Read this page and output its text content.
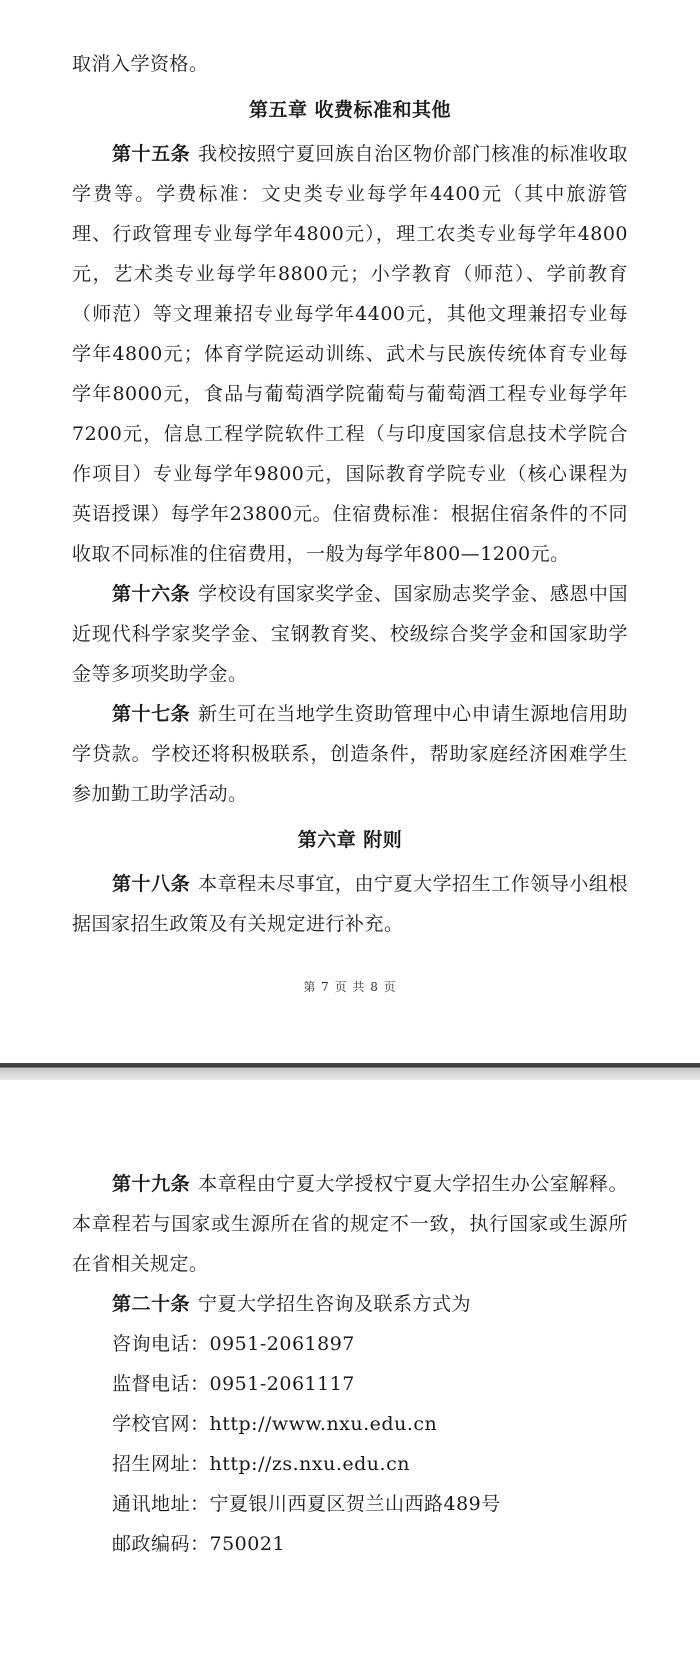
取消入学资格。

第五章 收费标准和其他

第十五条 我校按照宁夏回族自治区物价部门核准的标准收取学费等。学费标准：文史类专业每学年4400元（其中旅游管理、行政管理专业每学年4800元），理工农类专业每学年4800元，艺术类专业每学年8800元；小学教育（师范）、学前教育（师范）等文理兼招专业每学年4400元，其他文理兼招专业每学年4800元；体育学院运动训练、武术与民族传统体育专业每学年8000元，食品与葡萄酒学院葡萄与葡萄酒工程专业每学年7200元，信息工程学院软件工程（与印度国家信息技术学院合作项目）专业每学年9800元，国际教育学院专业（核心课程为英语授课）每学年23800元。住宿费标准：根据住宿条件的不同收取不同标准的住宿费用，一般为每学年800—1200元。

第十六条 学校设有国家奖学金、国家励志奖学金、感恩中国近现代科学家奖学金、宝钢教育奖、校级综合奖学金和国家助学金等多项奖助学金。

第十七条 新生可在当地学生资助管理中心申请生源地信用助学贷款。学校还将积极联系，创造条件，帮助家庭经济困难学生参加勤工助学活动。

第六章 附则

第十八条 本章程未尽事宜，由宁夏大学招生工作领导小组根据国家招生政策及有关规定进行补充。

第 7 页 共 8 页

第十九条 本章程由宁夏大学授权宁夏大学招生办公室解释。本章程若与国家或生源所在省的规定不一致，执行国家或生源所在省相关规定。

第二十条 宁夏大学招生咨询及联系方式为

咨询电话：0951-2061897

监督电话：0951-2061117

学校官网：http://www.nxu.edu.cn

招生网址：http://zs.nxu.edu.cn

通讯地址：宁夏银川西夏区贺兰山西路489号

邮政编码：750021
